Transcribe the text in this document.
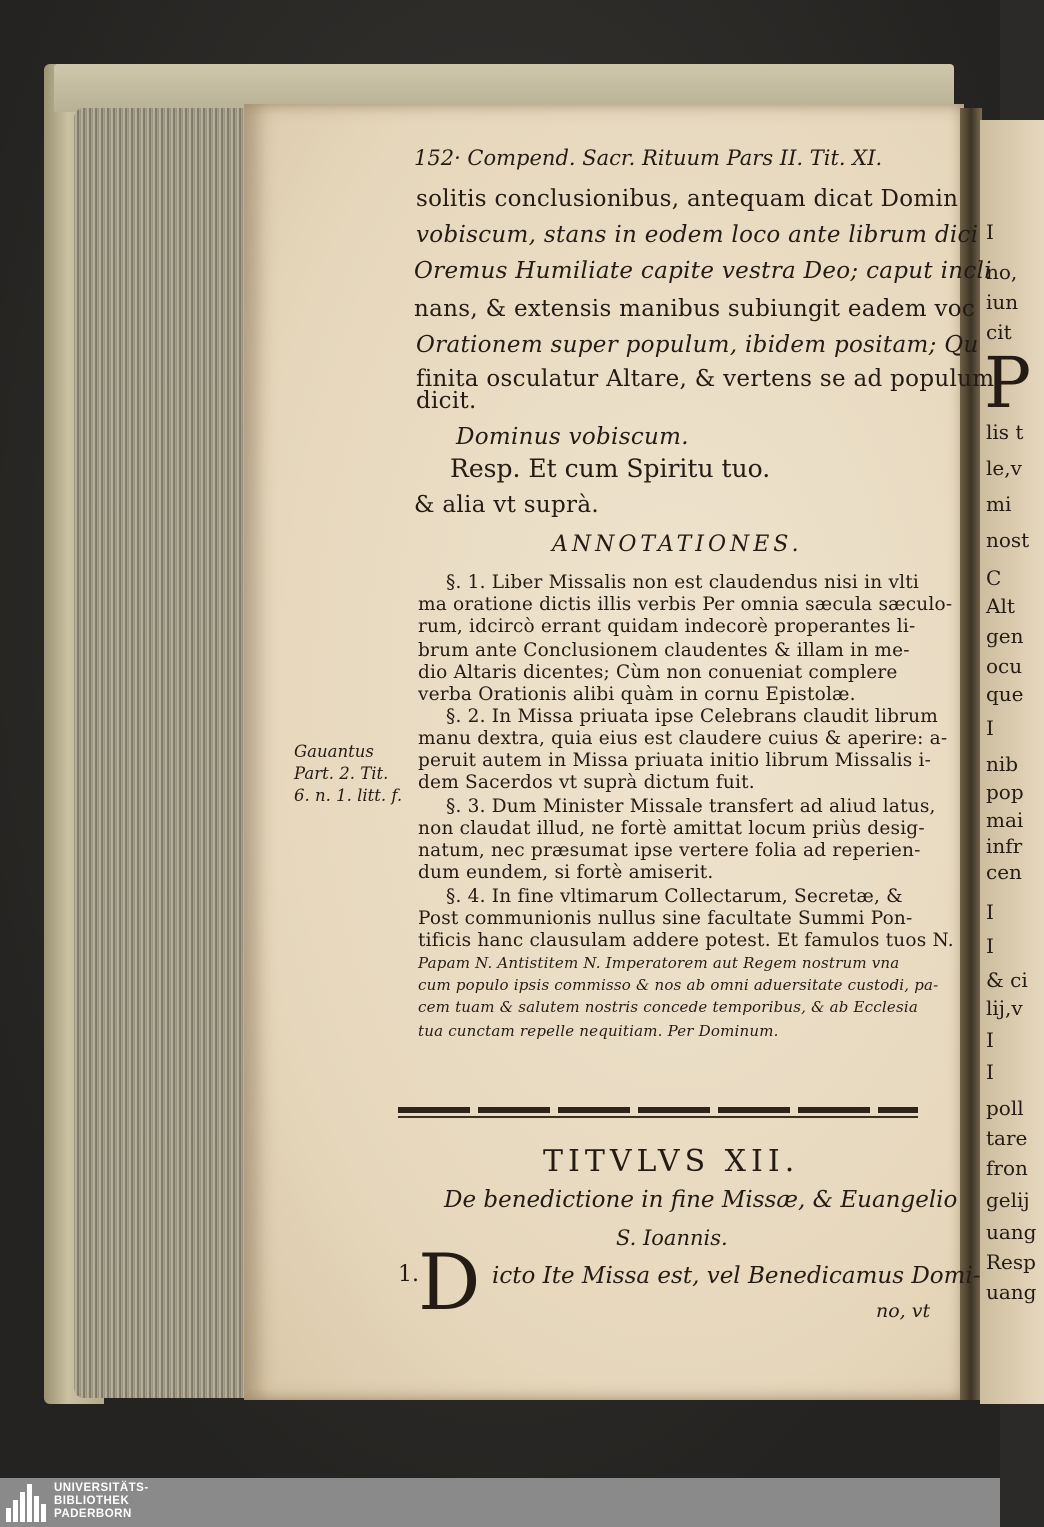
I
no,
iun
cit
P
lis t
le,v
mi
nost
C
Alt
gen
ocu
que
I
nib
pop
mai
infr
cen
I
I
& ci
lij,v
I
I
poll
tare
fron
gelij
uang
Resp
uang
152· Compend. Sacr. Rituum Pars II. Tit. XI.
solitis conclusionibus, antequam dicat Domin
vobiscum, stans in eodem loco ante librum dici
Oremus Humiliate capite vestra Deo; caput incli
nans, & extensis manibus subiungit eadem voc
Orationem super populum, ibidem positam; Qu
finita osculatur Altare, & vertens se ad populum
dicit.
Dominus vobiscum.
Resp. Et cum Spiritu tuo.
& alia vt suprà.
ANNOTATIONES.
§. 1. Liber Missalis non est claudendus nisi in vlti
ma oratione dictis illis verbis Per omnia sæcula sæculo-
rum, idcircò errant quidam indecorè properantes li-
brum ante Conclusionem claudentes & illam in me-
dio Altaris dicentes; Cùm non conueniat complere
verba Orationis alibi quàm in cornu Epistolæ.
§. 2. In Missa priuata ipse Celebrans claudit librum
manu dextra, quia eius est claudere cuius & aperire: a-
peruit autem in Missa priuata initio librum Missalis i-
dem Sacerdos vt suprà dictum fuit.
§. 3. Dum Minister Missale transfert ad aliud latus,
non claudat illud, ne fortè amittat locum priùs desig-
natum, nec præsumat ipse vertere folia ad reperien-
dum eundem, si fortè amiserit.
§. 4. In fine vltimarum Collectarum, Secretæ, &
Post communionis nullus sine facultate Summi Pon-
tificis hanc clausulam addere potest. Et famulos tuos N.
Papam N. Antistitem N. Imperatorem aut Regem nostrum vna
cum populo ipsis commisso & nos ab omni aduersitate custodi, pa-
cem tuam & salutem nostris concede temporibus, & ab Ecclesia
tua cunctam repelle nequitiam. Per Dominum.
Gauantus
Part. 2. Tit.
6. n. 1. litt. f.
TITVLVS XII.
De benedictione in fine Missæ, & Euangelio
S. Ioannis.
1. D icto Ite Missa est, vel Benedicamus Domi-
no, vt
UNIVERSITÄTS-
BIBLIOTHEK
PADERBORN
